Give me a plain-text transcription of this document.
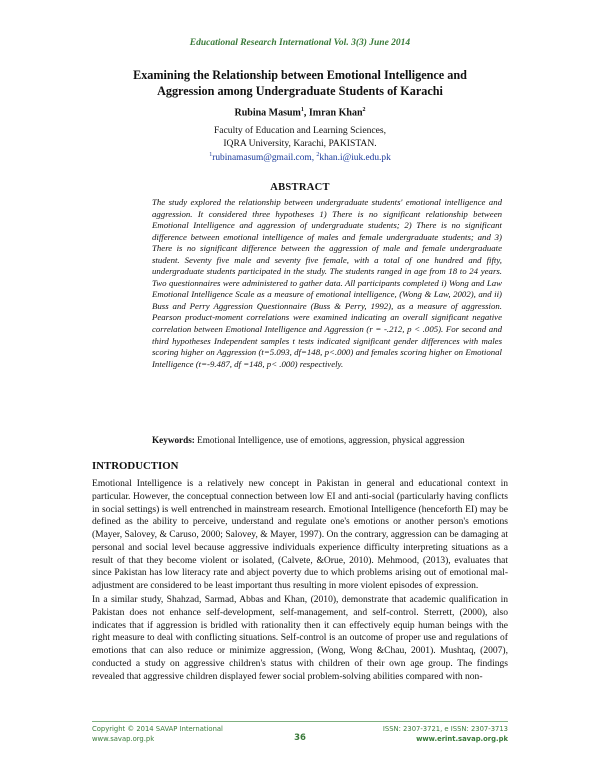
Educational Research International Vol. 3(3) June 2014
Examining the Relationship between Emotional Intelligence and
Aggression among Undergraduate Students of Karachi
Rubina Masum$^1$, Imran Khan$^2$
Faculty of Education and Learning Sciences,
IQRA University, Karachi, PAKISTAN.
$^1$rubinamasum@gmail.com, $^2$khan.i@iuk.edu.pk
ABSTRACT

The study explored the relationship between undergraduate students' emotional intelligence and aggression. It considered three hypotheses 1) There is no significant relationship between Emotional Intelligence and aggression of undergraduate students; 2) There is no significant difference between emotional intelligence of males and female undergraduate students; and 3) There is no significant difference between the aggression of male and female undergraduate student. Seventy five male and seventy five female, with a total of one hundred and fifty, undergraduate students participated in the study. The students ranged in age from 18 to 24 years. Two questionnaires were administered to gather data. All participants completed i) Wong and Law Emotional Intelligence Scale as a measure of emotional intelligence, (Wong & Law, 2002), and ii) Buss and Perry Aggression Questionnaire (Buss & Perry, 1992), as a measure of aggression. Pearson product-moment correlations were examined indicating an overall significant negative correlation between Emotional Intelligence and Aggression (r = -.212, p < .005). For second and third hypotheses Independent samples t tests indicated significant gender differences with males scoring higher on Aggression (t=5.093, df=148, p<.000) and females scoring higher on Emotional Intelligence (t=-9.487, df =148, p< .000) respectively.

Keywords: Emotional Intelligence, use of emotions, aggression, physical aggression
INTRODUCTION

Emotional Intelligence is a relatively new concept in Pakistan in general and educational context in particular. However, the conceptual connection between low EI and anti-social (particularly having conflicts in social settings) is well entrenched in mainstream research. Emotional Intelligence (henceforth EI) may be defined as the ability to perceive, understand and regulate one's emotions or another person's emotions (Mayer, Salovey, & Caruso, 2000; Salovey, & Mayer, 1997). On the contrary, aggression can be damaging at personal and social level because aggressive individuals experience difficulty interpreting situations as a result of that they become violent or isolated, (Calvete, &Orue, 2010). Mehmood, (2013), evaluates that since Pakistan has low literacy rate and abject poverty due to which problems arising out of emotional mal-adjustment are considered to be least important thus resulting in more violent episodes of expression.

In a similar study, Shahzad, Sarmad, Abbas and Khan, (2010), demonstrate that academic qualification in Pakistan does not enhance self-development, self-management, and self-control. Sterrett, (2000), also indicates that if aggression is bridled with rationality then it can effectively equip human beings with the right measure to deal with conflicting situations. Self-control is an outcome of proper use and regulations of emotions that can also reduce or minimize aggression, (Wong, Wong &Chau, 2001). Mushtaq, (2007), conducted a study on aggressive children's status with children of their own age group. The findings revealed that aggressive children displayed fewer social problem-solving abilities compared with non-

Copyright © 2014 SAVAP International
www.savap.org.pk	36
ISSN: 2307-3721, e ISSN: 2307-3713
www.erint.savap.org.pk
